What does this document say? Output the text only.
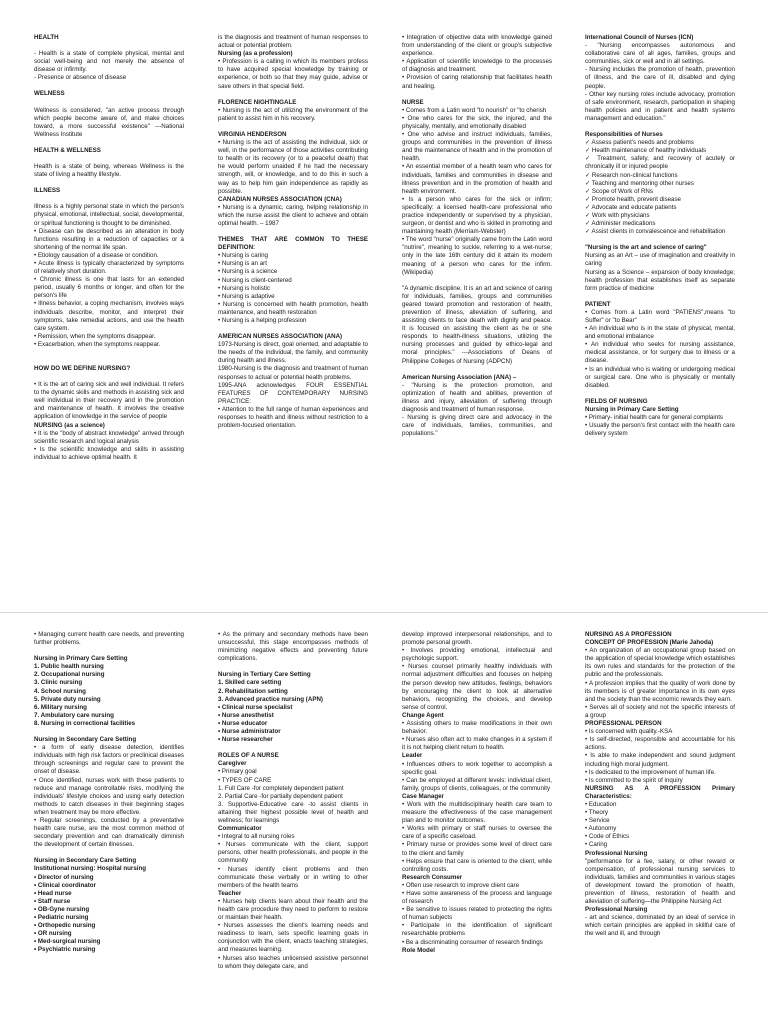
HEALTH

- Health is a state of complete physical, mental and social well-being and not merely the absence of disease or infirmity.

- Presence or absence of disease

WELNESS

Wellness is considered, "an active process through which people become aware of, and make choices toward, a more successful existence" ---National Wellness Institute

HEALTH & WELLNESS

Health is a state of being, whereas Wellness is the state of living a healthy lifestyle.

ILLNESS

Illness is a highly personal state in which the person's physical, emotional, intellectual, social, developmental, or spiritual functioning is thought to be diminished.

• Disease can be described as an alteration in body functions resulting in a reduction of capacities or a shortening of the normal life span.

• Etiology causation of a disease or condition.

• Acute illness is typically characterized by symptoms of relatively short duration.

• Chronic illness is one that lasts for an extended period, usually 6 months or longer, and often for the person's life

• Illness behavior, a coping mechanism, involves ways individuals describe, monitor, and interpret their symptoms, take remedial actions, and use the health care system.

• Remission, when the symptoms disappear.

• Exacerbation, when the symptoms reappear.

HOW DO WE DEFINE NURSING?

• It is the art of caring sick and well individual. It refers to the dynamic skills and methods in assisting sick and well individual in their recovery and in the promotion and maintenance of health. It involves the creative application of knowledge in the service of people

NURSING (as a science)

• It is the "body of abstract knowledge" arrived through scientific research and logical analysis

• Is the scientific knowledge and skills in assisting individual to achieve optimal health. It

is the diagnosis and treatment of human responses to actual or potential problem.

Nursing (as a profession)

• Profession is a calling in which its members profess to have acquired special knowledge by training or experience, or both so that they may guide, advise or save others in that special field.

FLORENCE NIGHTINGALE

• Nursing is the act of utilizing the environment of the patient to assist him in his recovery.

VIRGINIA HENDERSON

• Nursing is the act of assisting the individual, sick or well, in the performance of those activities contributing to health or its recovery (or to a peaceful death) that he would perform unaided if he had the necessary strength, will, or knowledge, and to do this in such a way as to help him gain independence as rapidly as possible.

CANADIAN NURSES ASSOCIATION (CNA)

• Nursing is a dynamic, caring, helping relationship in which the nurse assist the client to achieve and obtain optimal health. – 1987

THEMES THAT ARE COMMON TO THESE DEFINITION:

• Nursing is caring

• Nursing is an art

• Nursing is a science

• Nursing is client-centered

• Nursing is holistic

• Nursing is adaptive

• Nursing is concerned with health promotion, health maintenance, and health restoration

• Nursing is a helping profession

AMERICAN NURSES ASSOCIATION (ANA)

1973-Nursing is direct, goal oriented, and adaptable to the needs of the individual, the family, and community during health and illness.

1980-Nursing is the diagnosis and treatment of human responses to actual or potential health problems.

1995-ANA acknowledges FOUR ESSENTIAL FEATURES OF CONTEMPORARY NURSING PRACTICE:

• Attention to the full range of human experiences and responses to health and illness without restriction to a problem-focused orientation.

• Integration of objective data with knowledge gained from understanding of the client or group's subjective experience.

• Application of scientific knowledge to the processes of diagnosis and treatment.

• Provision of caring relationship that facilitates health and healing.

NURSE

• Comes from a Latin word "to nourish" or "to cherish

• One who cares for the sick, the injured, and the physically, mentally, and emotionally disabled

• One who advise and instruct individuals, families, groups and communities in the prevention of illness and the maintenance of health and in the promotion of health.

• An essential member of a health team who cares for individuals, families and communities in disease and illness prevention and in the promotion of health and health environment.

• Is a person who cares for the sick or infirm; specifically: a licensed health-care professional who practice independently or supervised by a physician, surgeon, or dentist and who is skilled in promoting and maintaining health (Merriam-Webster)

• The word "nurse" originally came from the Latin word "nutrire", meaning to suckle, referring to a wet-nurse; only in the late 16th century did it attain its modern meaning of a person who cares for the infirm.(Wikipedia)

"A dynamic discipline. It is an art and science of caring for individuals, families, groups and communities geared toward promotion and restoration of health, prevention of illness, alleviation of suffering, and assisting clients to face death with dignity and peace. It is focused on assisting the client as he or she responds to health-illness situations, utilizing the nursing processes and guided by ethico-legal and moral principles." ---Associations of Deans of Philippine Colleges of Nursing (ADPCN)

American Nursing Association (ANA) –

- "Nursing is the protection promotion, and optimization of health and abilities, prevention of illness and injury, alleviation of suffering through diagnosis and treatment of human response.

- Nursing is giving direct care and advocacy in the care of individuals, families, communities, and populations."

International Council of Nurses (ICN)

- "Nursing encompasses autonomous and collaborative care of all ages, families, groups and communities, sick or well and in all settings.

- Nursing includes the promotion of health, prevention of illness, and the care of ill, disabled and dying people.

- Other key nursing roles include advocacy, promotion of safe environment, research, participation in shaping health policies and in patient and health systems management and education."

Responsibilities of Nurses

✓ Assess patient's needs and problems

✓ Health maintenance of healthy individuals

✓ Treatment, safety, and recovery of acutely or chronically ill or injured people

✓ Research non-clinical functions

✓ Teaching and mentoring other nurses

✓ Scope of Work of RNs

✓ Promote health, prevent disease

✓ Advocate and educate patients

✓ Work with physicians

✓ Administer medications

✓ Assist clients in convalescence and rehabilitation

"Nursing is the art and science of caring"

Nursing as an Art – use of imagination and creativity in caring

Nursing as a Science – expansion of body knowledge; health profession that establishes itself as separate form practice of medicine

PATIENT

• Comes from a Latin word "PATIENS",means "to Suffer" or "to Bear"

• An individual who is in the state of physical, mental, and emotional imbalance

• An individual who seeks for nursing assistance, medical assistance, or for surgery due to illness or a disease.

• Is an individual who is waiting or undergoing medical or surgical care. One who is physically or mentally disabled.

FIELDS OF NURSING

Nursing in Primary Care Setting

• Primary- initial health care for general complaints

• Usually the person's first contact with the health care delivery system

• Managing current health care needs, and preventing further problems.

Nursing in Primary Care Setting

1. Public health nursing

2. Occupational nursing

3. Clinic nursing

4. School nursing

5. Private duty nursing

6. Military nursing

7. Ambulatory care nursing

8. Nursing in correctional facilities

Nursing in Secondary Care Setting

• a form of early disease detection, identifies individuals with high risk factors or preclinical diseases through screenings and regular care to prevent the onset of disease.

• Once identified, nurses work with these patients to reduce and manage controllable risks, modifying the individuals' lifestyle choices and using early detection methods to catch diseases in their beginning stages when treatment may be more effective.

• Regular screenings, conducted by a preventative health care nurse, are the most common method of secondary prevention and can dramatically diminish the development of certain illnesses.

Nursing in Secondary Care Setting

Institutional nursing: Hospital nursing

• Director of nursing

• Clinical coordinator

• Head nurse

• Staff nurse

• OB-Gyne nursing

• Pediatric nursing

• Orthopedic nursing

• OR nursing

• Med-surgical nursing

• Psychiatric nursing

• As the primary and secondary methods have been unsuccessful, this stage encompasses methods of minimizing negative effects and preventing future complications.

Nursing in Tertiary Care Setting

1. Skilled care setting

2. Rehabilitation setting

3. Advanced practice nursing (APN)

• Clinical nurse specialist

• Nurse anesthetist

• Nurse educator

• Nurse administrator

• Nurse researcher

ROLES OF A NURSE

Caregiver

• Primary goal

• TYPES OF CARE

1. Full Care -for completely dependent patient

2. Partial Care -for partially dependent patient

3. Supportive-Educative care -to assist clients in attaining their highest possible level of health and wellness; for learnings

Communicator

• Integral to all nursing roles

• Nurses communicate with the client, support persons, other health professionals, and people in the community

• Nurses identify client problems and then communicate these verbally or in writing to other members of the health teams

Teacher

• Nurses help clients learn about their health and the health care procedure they need to perform to restore or maintain their health.

• Nurses assesses the client's learning needs and readiness to learn, sets specific learning goals in conjunction with the client, enacts teaching strategies, and measures learning.

• Nurses also teaches unlicensed assistive personnel to whom they delegate care, and

develop improved interpersonal relationships, and to promote personal growth.

• Involves providing emotional, intellectual and psychologic support.

• Nurses counsel primarily healthy individuals with normal adjustment difficulties and focuses on helping the person develop new attitudes, feelings, behaviors by encouraging the client to look at alternative behaviors, recognizing the choices, and develop sense of control.

Change Agent

• Assisting others to make modifications in their own behavior.

• Nurses also often act to make changes in a system if it is not helping client return to health.

Leader

• Influences others to work together to accomplish a specific goal.

• Can be employed at different levels: individual client, family, groups of clients, colleagues, or the community

Case Manager

• Work with the multidisciplinary health care team to measure the effectiveness of the case management plan and to monitor outcomes.

• Works with primary or staff nurses to oversee the care of a specific caseload.

• Primary nurse or provides some level of direct care to the client and family

• Helps ensure that care is oriented to the client, while controlling costs.

Research Consumer

• Often use research to improve client care

• Have some awareness of the process and language of research

• Be sensitive to issues related to protecting the rights of human subjects

• Participate in the identification of significant researchable problems

• Be a discriminating consumer of research findings

Role Model

NURSING AS A PROFESSION

CONCEPT OF PROFESSION (Marie Jahoda)

• An organization of an occupational group based on the application of special knowledge which establishes its own rules and standards for the protection of the public and the professionals.

• A profession implies that the quality of work done by its members is of greater importance in its own eyes and the society than the economic rewards they earn.

• Serves all of society and not the specific interests of a group

PROFESSIONAL PERSON

• Is concerned with quality.-KSA

• Is self-directed, responsible and accountable for his actions.

• Is able to make independent and sound judgment including high moral judgment.

• Is dedicated to the improvement of human life.

• Is committed to the spirit of inquiry

NURSING AS A PROFESSION Primary Characteristics:

• Education

• Theory

• Service

• Autonomy

• Code of Ethics

• Caring

Professional Nursing

"performance for a fee, salary, or other reward or compensation, of professional nursing services to individuals, families and communities in various stages of development toward the promotion of health, prevention of illness, restoration of health and alleviation of suffering—the Philippine Nursing Act

Professional Nursing

- art and science, dominated by an ideal of service in which certain principles are applied in skillful care of the well and ill, and through
